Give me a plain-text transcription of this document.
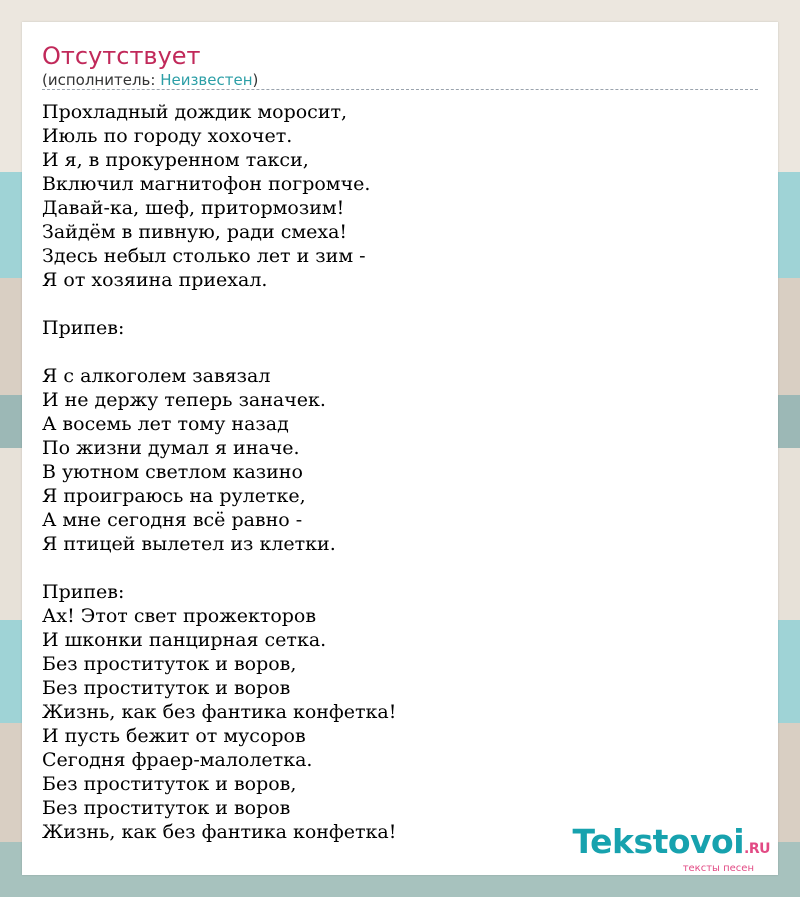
Отсутствует
(исполнитель: Неизвестен)
Прохладный дождик моросит,
Июль по городу хохочет.
И я, в прокуренном такси,
Включил магнитофон погромче.
Давай-ка, шеф, притормозим!
Зайдём в пивную, ради смеха!
Здесь небыл столько лет и зим -
Я от хозяина приехал.
Припев:
Я с алкоголем завязал
И не держу теперь заначек.
А восемь лет тому назад
По жизни думал я иначе.
В уютном светлом казино
Я проиграюсь на рулетке,
А мне сегодня всё равно -
Я птицей вылетел из клетки.
Припев:
Ах! Этот свет прожекторов
И шконки панцирная сетка.
Без проституток и воров,
Без проституток и воров
Жизнь, как без фантика конфетка!
И пусть бежит от мусоров
Сегодня фраер-малолетка.
Без проституток и воров,
Без проституток и воров
Жизнь, как без фантика конфетка!	Tekstovoi.RU
тексты песен
